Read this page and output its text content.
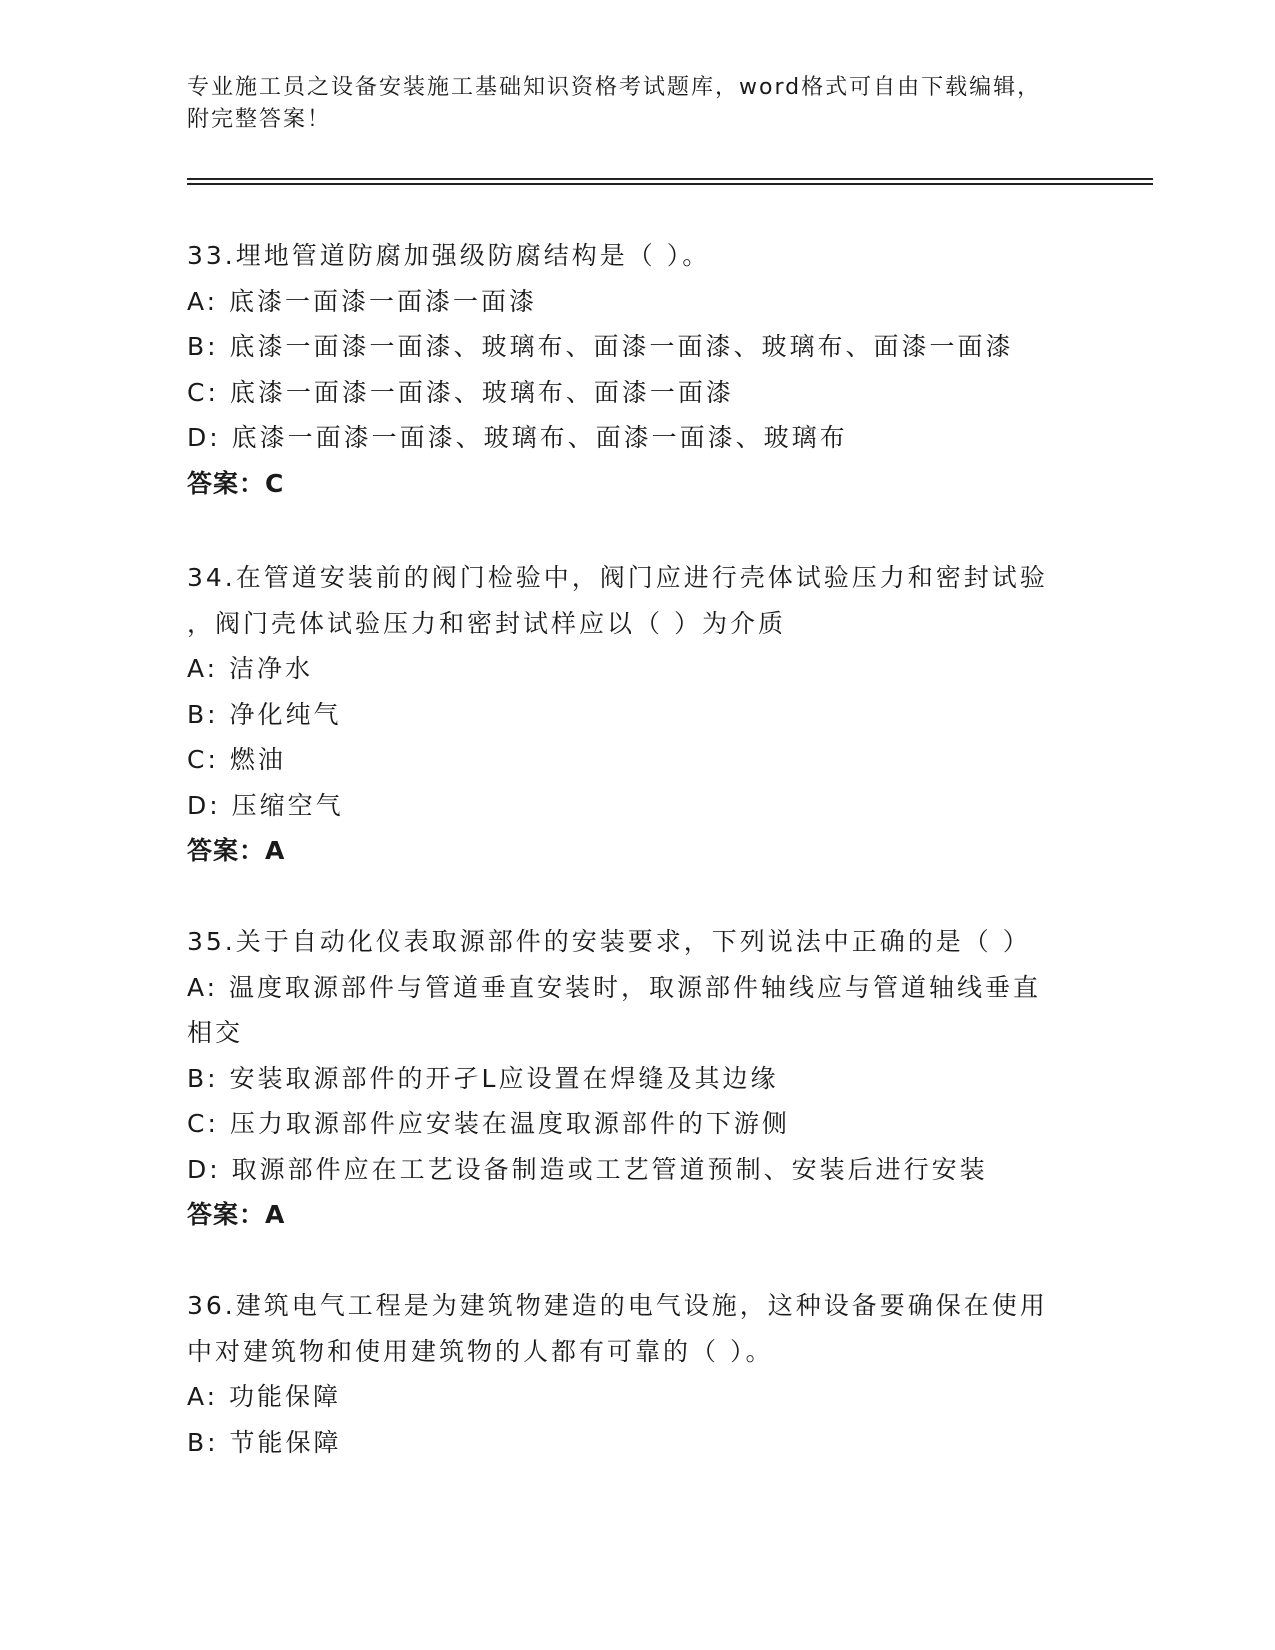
专业施工员之设备安装施工基础知识资格考试题库，word格式可自由下载编辑，
附完整答案！
33.埋地管道防腐加强级防腐结构是（ ）。
A: 底漆一面漆一面漆一面漆
B: 底漆一面漆一面漆、玻璃布、面漆一面漆、玻璃布、面漆一面漆
C: 底漆一面漆一面漆、玻璃布、面漆一面漆
D: 底漆一面漆一面漆、玻璃布、面漆一面漆、玻璃布
答案：C
34.在管道安装前的阀门检验中，阀门应进行壳体试验压力和密封试验
，阀门壳体试验压力和密封试样应以（ ）为介质
A: 洁净水
B: 净化纯气
C: 燃油
D: 压缩空气
答案：A
35.关于自动化仪表取源部件的安装要求，下列说法中正确的是（ ）
A: 温度取源部件与管道垂直安装时，取源部件轴线应与管道轴线垂直
相交
B: 安装取源部件的开孑L应设置在焊缝及其边缘
C: 压力取源部件应安装在温度取源部件的下游侧
D: 取源部件应在工艺设备制造或工艺管道预制、安装后进行安装
答案：A
36.建筑电气工程是为建筑物建造的电气设施，这种设备要确保在使用
中对建筑物和使用建筑物的人都有可靠的（ ）。
A: 功能保障
B: 节能保障
